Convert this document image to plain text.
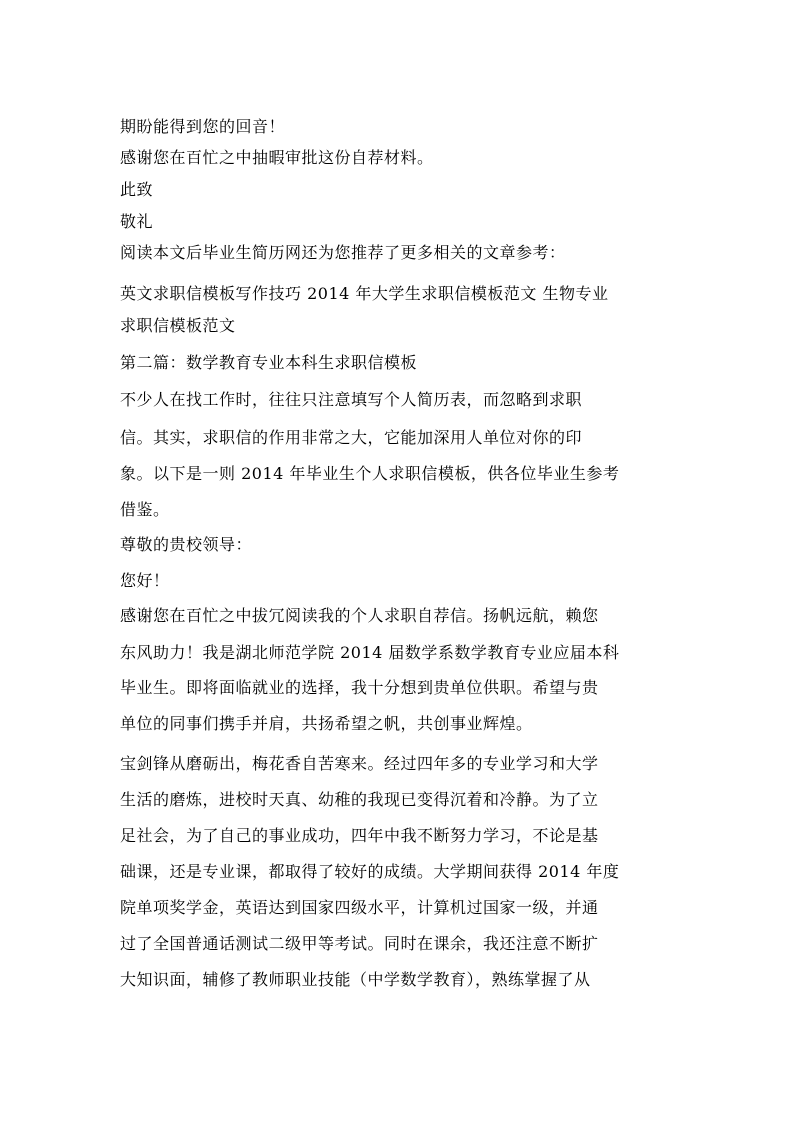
期盼能得到您的回音！
感谢您在百忙之中抽暇审批这份自荐材料。
此致
敬礼
阅读本文后毕业生简历网还为您推荐了更多相关的文章参考：
英文求职信模板写作技巧 2014 年大学生求职信模板范文 生物专业
求职信模板范文
第二篇：数学教育专业本科生求职信模板
不少人在找工作时，往往只注意填写个人简历表，而忽略到求职
信。其实，求职信的作用非常之大，它能加深用人单位对你的印
象。以下是一则 2014 年毕业生个人求职信模板，供各位毕业生参考
借鉴。
尊敬的贵校领导：
您好！
感谢您在百忙之中拔冗阅读我的个人求职自荐信。扬帆远航，赖您
东风助力！我是湖北师范学院 2014 届数学系数学教育专业应届本科
毕业生。即将面临就业的选择，我十分想到贵单位供职。希望与贵
单位的同事们携手并肩，共扬希望之帆，共创事业辉煌。
宝剑锋从磨砺出，梅花香自苦寒来。经过四年多的专业学习和大学
生活的磨炼，进校时天真、幼稚的我现已变得沉着和冷静。为了立
足社会，为了自己的事业成功，四年中我不断努力学习，不论是基
础课，还是专业课，都取得了较好的成绩。大学期间获得 2014 年度
院单项奖学金，英语达到国家四级水平，计算机过国家一级，并通
过了全国普通话测试二级甲等考试。同时在课余，我还注意不断扩
大知识面，辅修了教师职业技能（中学数学教育），熟练掌握了从
